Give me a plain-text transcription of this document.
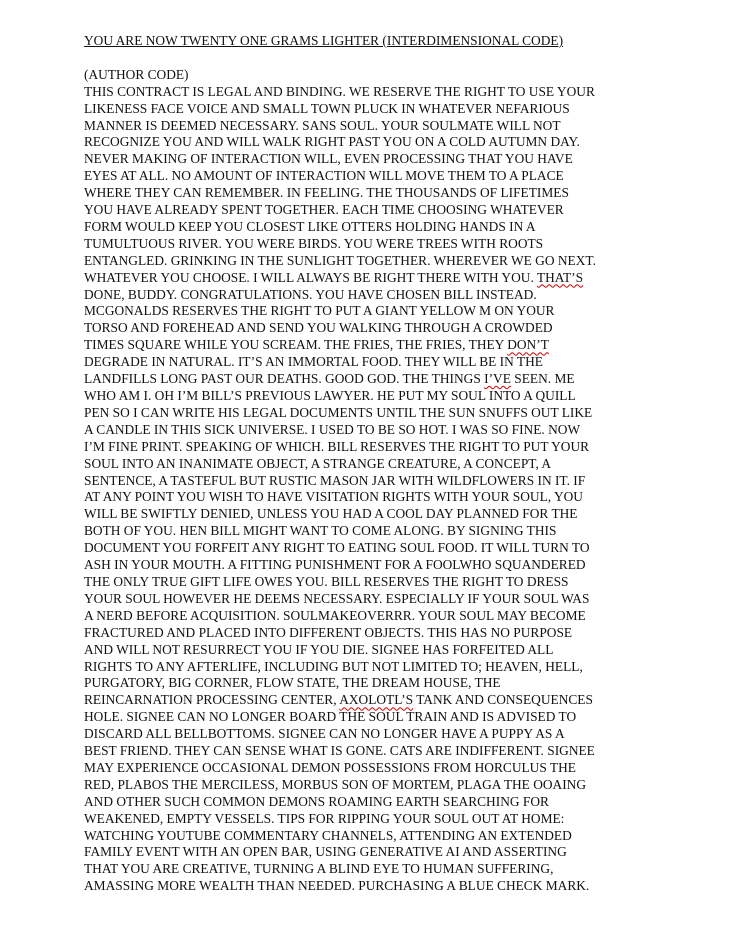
YOU ARE NOW TWENTY ONE GRAMS LIGHTER (INTERDIMENSIONAL CODE)
(AUTHOR CODE)
THIS CONTRACT IS LEGAL AND BINDING. WE RESERVE THE RIGHT TO USE YOUR
LIKENESS FACE VOICE AND SMALL TOWN PLUCK IN WHATEVER NEFARIOUS
MANNER IS DEEMED NECESSARY. SANS SOUL. YOUR SOULMATE WILL NOT
RECOGNIZE YOU AND WILL WALK RIGHT PAST YOU ON A COLD AUTUMN DAY.
NEVER MAKING OF INTERACTION WILL, EVEN PROCESSING THAT YOU HAVE
EYES AT ALL. NO AMOUNT OF INTERACTION WILL MOVE THEM TO A PLACE
WHERE THEY CAN REMEMBER. IN FEELING. THE THOUSANDS OF LIFETIMES
YOU HAVE ALREADY SPENT TOGETHER. EACH TIME CHOOSING WHATEVER
FORM WOULD KEEP YOU CLOSEST LIKE OTTERS HOLDING HANDS IN A
TUMULTUOUS RIVER. YOU WERE BIRDS. YOU WERE TREES WITH ROOTS
ENTANGLED. GRINKING IN THE SUNLIGHT TOGETHER. WHEREVER WE GO NEXT.
WHATEVER YOU CHOOSE. I WILL ALWAYS BE RIGHT THERE WITH YOU. THAT’S
DONE, BUDDY. CONGRATULATIONS. YOU HAVE CHOSEN BILL INSTEAD.
MCGONALDS RESERVES THE RIGHT TO PUT A GIANT YELLOW M ON YOUR
TORSO AND FOREHEAD AND SEND YOU WALKING THROUGH A CROWDED
TIMES SQUARE WHILE YOU SCREAM. THE FRIES, THE FRIES, THEY DON’T
DEGRADE IN NATURAL. IT’S AN IMMORTAL FOOD. THEY WILL BE IN THE
LANDFILLS LONG PAST OUR DEATHS. GOOD GOD. THE THINGS I’VE SEEN. ME
WHO AM I. OH I’M BILL’S PREVIOUS LAWYER. HE PUT MY SOUL INTO A QUILL
PEN SO I CAN WRITE HIS LEGAL DOCUMENTS UNTIL THE SUN SNUFFS OUT LIKE
A CANDLE IN THIS SICK UNIVERSE. I USED TO BE SO HOT. I WAS SO FINE. NOW
I’M FINE PRINT. SPEAKING OF WHICH. BILL RESERVES THE RIGHT TO PUT YOUR
SOUL INTO AN INANIMATE OBJECT, A STRANGE CREATURE, A CONCEPT, A
SENTENCE, A TASTEFUL BUT RUSTIC MASON JAR WITH WILDFLOWERS IN IT. IF
AT ANY POINT YOU WISH TO HAVE VISITATION RIGHTS WITH YOUR SOUL, YOU
WILL BE SWIFTLY DENIED, UNLESS YOU HAD A COOL DAY PLANNED FOR THE
BOTH OF YOU. HEN BILL MIGHT WANT TO COME ALONG. BY SIGNING THIS
DOCUMENT YOU FORFEIT ANY RIGHT TO EATING SOUL FOOD. IT WILL TURN TO
ASH IN YOUR MOUTH. A FITTING PUNISHMENT FOR A FOOLWHO SQUANDERED
THE ONLY TRUE GIFT LIFE OWES YOU. BILL RESERVES THE RIGHT TO DRESS
YOUR SOUL HOWEVER HE DEEMS NECESSARY. ESPECIALLY IF YOUR SOUL WAS
A NERD BEFORE ACQUISITION. SOULMAKEOVERRR. YOUR SOUL MAY BECOME
FRACTURED AND PLACED INTO DIFFERENT OBJECTS. THIS HAS NO PURPOSE
AND WILL NOT RESURRECT YOU IF YOU DIE. SIGNEE HAS FORFEITED ALL
RIGHTS TO ANY AFTERLIFE, INCLUDING BUT NOT LIMITED TO; HEAVEN, HELL,
PURGATORY, BIG CORNER, FLOW STATE, THE DREAM HOUSE, THE
REINCARNATION PROCESSING CENTER, AXOLOTL’S TANK AND CONSEQUENCES
HOLE. SIGNEE CAN NO LONGER BOARD THE SOUL TRAIN AND IS ADVISED TO
DISCARD ALL BELLBOTTOMS. SIGNEE CAN NO LONGER HAVE A PUPPY AS A
BEST FRIEND. THEY CAN SENSE WHAT IS GONE. CATS ARE INDIFFERENT. SIGNEE
MAY EXPERIENCE OCCASIONAL DEMON POSSESSIONS FROM HORCULUS THE
RED, PLABOS THE MERCILESS, MORBUS SON OF MORTEM, PLAGA THE OOAING
AND OTHER SUCH COMMON DEMONS ROAMING EARTH SEARCHING FOR
WEAKENED, EMPTY VESSELS. TIPS FOR RIPPING YOUR SOUL OUT AT HOME:
WATCHING YOUTUBE COMMENTARY CHANNELS, ATTENDING AN EXTENDED
FAMILY EVENT WITH AN OPEN BAR, USING GENERATIVE AI AND ASSERTING
THAT YOU ARE CREATIVE, TURNING A BLIND EYE TO HUMAN SUFFERING,
AMASSING MORE WEALTH THAN NEEDED. PURCHASING A BLUE CHECK MARK.
